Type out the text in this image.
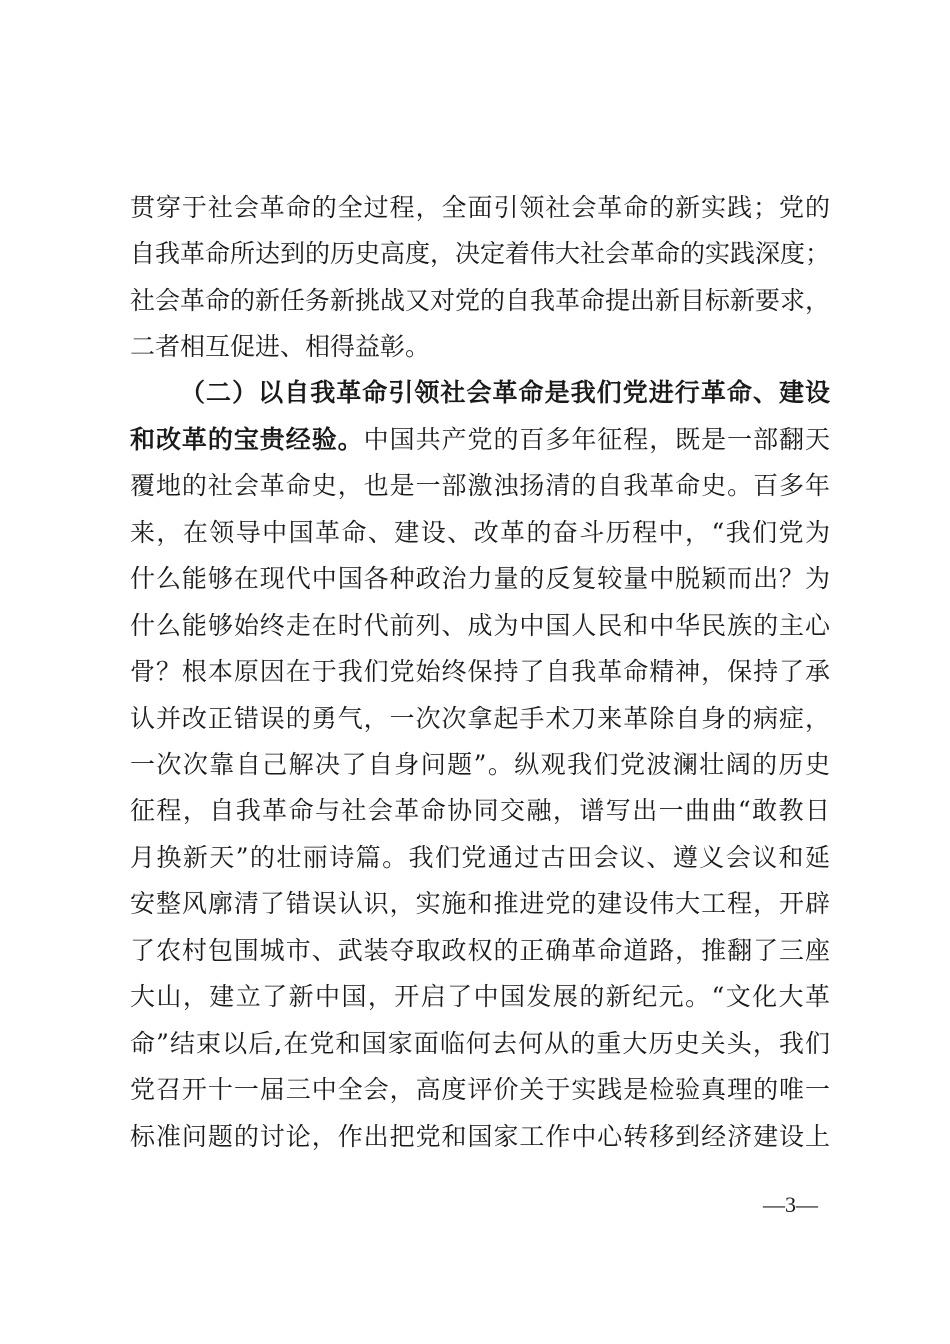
贯穿于社会革命的全过程，全面引领社会革命的新实践；党的
自我革命所达到的历史高度，决定着伟大社会革命的实践深度；
社会革命的新任务新挑战又对党的自我革命提出新目标新要求，
二者相互促进、相得益彰。
（二）以自我革命引领社会革命是我们党进行革命、建设
和改革的宝贵经验。中国共产党的百多年征程，既是一部翻天
覆地的社会革命史，也是一部激浊扬清的自我革命史。百多年
来，在领导中国革命、建设、改革的奋斗历程中，“我们党为
什么能够在现代中国各种政治力量的反复较量中脱颖而出？为
什么能够始终走在时代前列、成为中国人民和中华民族的主心
骨？根本原因在于我们党始终保持了自我革命精神，保持了承
认并改正错误的勇气，一次次拿起手术刀来革除自身的病症，
一次次靠自己解决了自身问题”。纵观我们党波澜壮阔的历史
征程，自我革命与社会革命协同交融，谱写出一曲曲“敢教日
月换新天”的壮丽诗篇。我们党通过古田会议、遵义会议和延
安整风廓清了错误认识，实施和推进党的建设伟大工程，开辟
了农村包围城市、武装夺取政权的正确革命道路，推翻了三座
大山，建立了新中国，开启了中国发展的新纪元。“文化大革
命”结束以后,在党和国家面临何去何从的重大历史关头，我们
党召开十一届三中全会，高度评价关于实践是检验真理的唯一
标准问题的讨论，作出把党和国家工作中心转移到经济建设上
—3—
